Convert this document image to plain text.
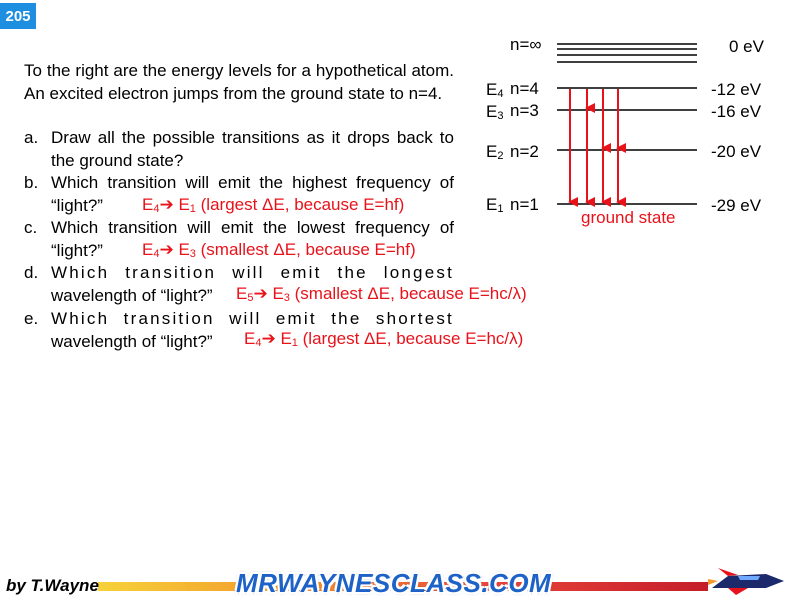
205
To the right are the energy levels for a hypothetical atom. An excited electron jumps from the ground state to n=4.
a. Draw all the possible transitions as it drops back to the ground state?
b. Which transition will emit the highest frequency of “light?”	E4➔ E1 (largest ΔE, because E=hf)
c. Which transition will emit the lowest frequency of “light?”	E4➔ E3 (smallest ΔE, because E=hf)
d. Which transition will emit the longest
wavelength of “light?”	E5➔ E3 (smallest ΔE, because E=hc/λ)
e. Which transition will emit the shortest
wavelength of “light?”	E4➔ E1 (largest ΔE, because E=hc/λ)
n=∞	0 eV
E4 n=4	-12 eV
E3 n=3	-16 eV
E2 n=2	-20 eV
E1 n=1	-29 eV
ground state
by T.Wayne	MRWAYNESCLASS.COM
